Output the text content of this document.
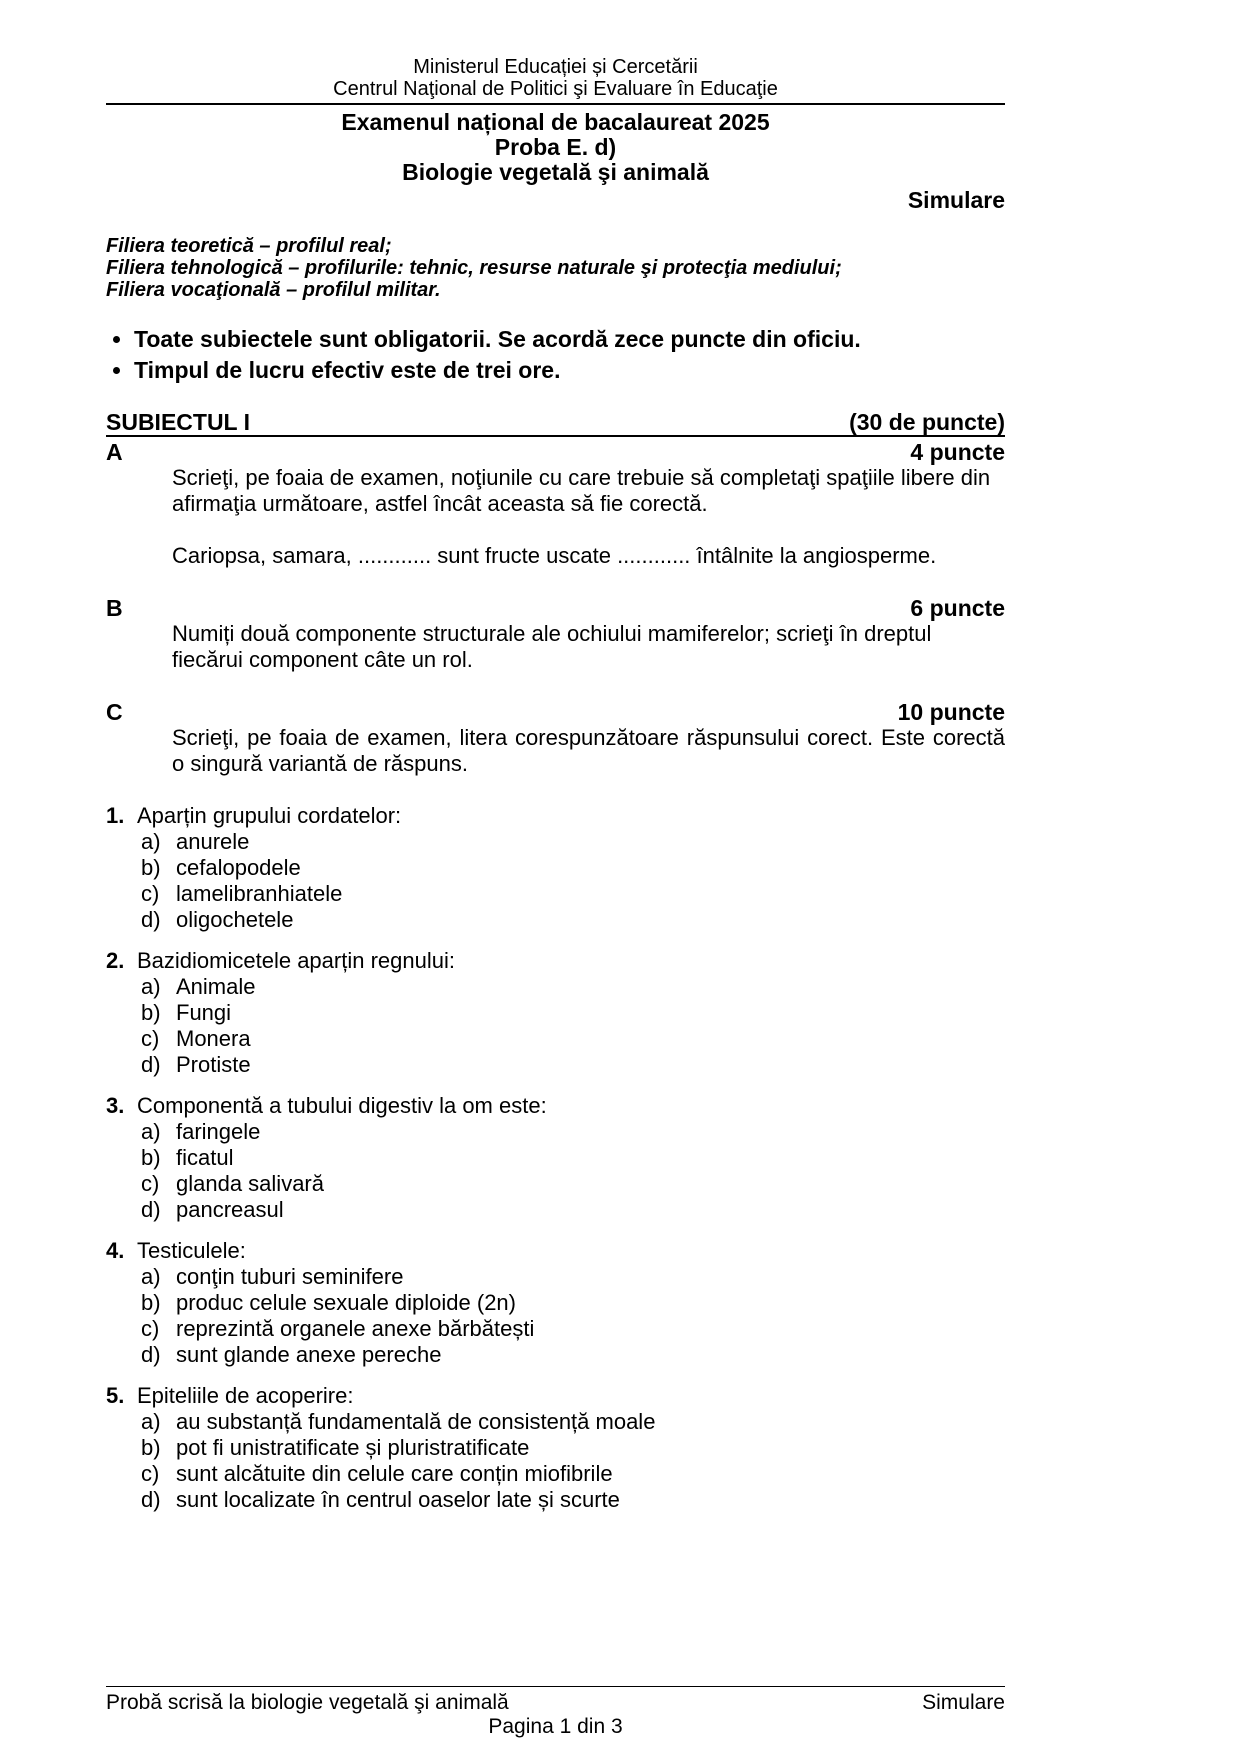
Ministerul Educației și Cercetării
Centrul Naţional de Politici şi Evaluare în Educaţie
Examenul național de bacalaureat 2025
Proba E. d)
Biologie vegetală şi animală
Simulare
Filiera teoretică – profilul real;
Filiera tehnologică – profilurile: tehnic, resurse naturale şi protecţia mediului;
Filiera vocaţională – profilul militar.
• Toate subiectele sunt obligatorii. Se acordă zece puncte din oficiu.
• Timpul de lucru efectiv este de trei ore.
SUBIECTUL I	(30 de puncte)
A	4 puncte

Scrieţi, pe foaia de examen, noţiunile cu care trebuie să completaţi spaţiile libere din afirmaţia următoare, astfel încât aceasta să fie corectă.

Cariopsa, samara, ............ sunt fructe uscate ............ întâlnite la angiosperme.

B	6 puncte

Numiți două componente structurale ale ochiului mamiferelor; scrieţi în dreptul fiecărui component câte un rol.

C	10 puncte

Scrieţi, pe foaia de examen, litera corespunzătoare răspunsului corect. Este corectă o singură variantă de răspuns.

1. Aparțin grupului cordatelor:
a) anurele
b) cefalopodele
c) lamelibranhiatele
d) oligochetele
2. Bazidiomicetele aparțin regnului:
a) Animale
b) Fungi
c) Monera
d) Protiste
3. Componentă a tubului digestiv la om este:
a) faringele
b) ficatul
c) glanda salivară
d) pancreasul
4. Testiculele:
a) conţin tuburi seminifere
b) produc celule sexuale diploide (2n)
c) reprezintă organele anexe bărbătești
d) sunt glande anexe pereche
5. Epiteliile de acoperire:
a) au substanță fundamentală de consistență moale
b) pot fi unistratificate și pluristratificate
c) sunt alcătuite din celule care conțin miofibrile
d) sunt localizate în centrul oaselor late și scurte
Probă scrisă la biologie vegetală şi animală	Simulare
Pagina 1 din 3
